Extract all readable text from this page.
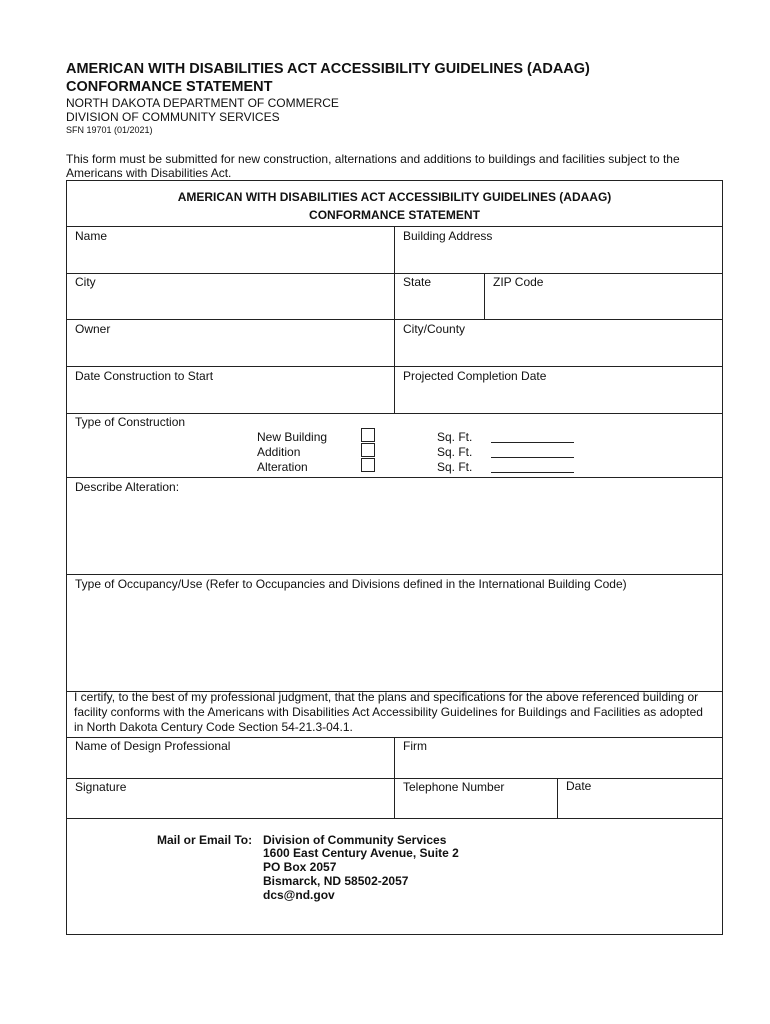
AMERICAN WITH DISABILITIES ACT ACCESSIBILITY GUIDELINES (ADAAG)
CONFORMANCE STATEMENT
NORTH DAKOTA DEPARTMENT OF COMMERCE
DIVISION OF COMMUNITY SERVICES
SFN 19701 (01/2021)
This form must be submitted for new construction, alternations and additions to buildings and facilities subject to the Americans with Disabilities Act.
AMERICAN WITH DISABILITIES ACT ACCESSIBILITY GUIDELINES (ADAAG)
CONFORMANCE STATEMENT
Name	Building Address
City	State	ZIP Code
Owner	City/County
Date Construction to Start	Projected Completion Date
Type of Construction
New Building	Sq. Ft.
Addition	Sq. Ft.
Alteration	Sq. Ft.
Describe Alteration:
Type of Occupancy/Use (Refer to Occupancies and Divisions defined in the International Building Code)
I certify, to the best of my professional judgment, that the plans and specifications for the above referenced building or facility conforms with the Americans with Disabilities Act Accessibility Guidelines for Buildings and Facilities as adopted in North Dakota Century Code Section 54-21.3-04.1.
Name of Design Professional	Firm
Signature	Telephone Number	Date
Mail or Email To: Division of Community Services
1600 East Century Avenue, Suite 2
PO Box 2057
Bismarck, ND 58502-2057
dcs@nd.gov
